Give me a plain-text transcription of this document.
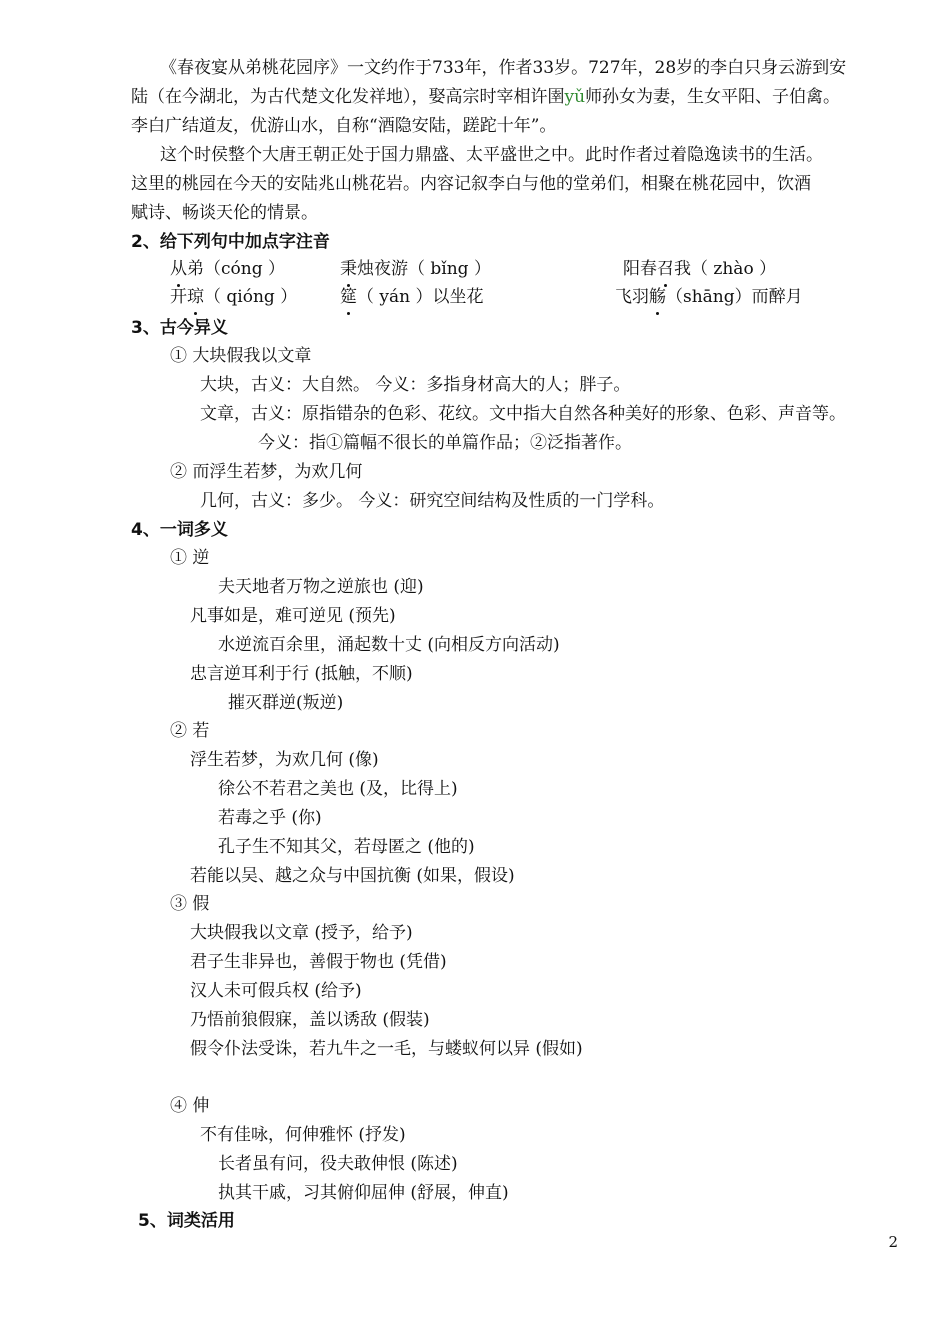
《春夜宴从弟桃花园序》一文约作于733年，作者33岁。727年，28岁的李白只身云游到安
陆（在今湖北，为古代楚文化发祥地），娶高宗时宰相许圉yǔ师孙女为妻，生女平阳、子伯禽。
李白广结道友，优游山水，自称“酒隐安陆，蹉跎十年”。
这个时侯整个大唐王朝正处于国力鼎盛、太平盛世之中。此时作者过着隐逸读书的生活。
这里的桃园在今天的安陆兆山桃花岩。内容记叙李白与他的堂弟们，相聚在桃花园中，饮酒
赋诗、畅谈天伦的情景。
2、给下列句中加点字注音
从弟（cóng ）	秉烛夜游（ bǐng ）	阳春召我（ zhào ）
开琼（ qióng ）	筵（ yán ）以坐花	飞羽觞（shāng）而醉月
3、古今异义
① 大块假我以文章
大块，古义：大自然。 今义：多指身材高大的人；胖子。
文章，古义：原指错杂的色彩、花纹。文中指大自然各种美好的形象、色彩、声音等。
今义：指①篇幅不很长的单篇作品；②泛指著作。
② 而浮生若梦，为欢几何
几何，古义：多少。 今义：研究空间结构及性质的一门学科。
4、一词多义
① 逆
夫天地者万物之逆旅也 (迎)
凡事如是，难可逆见 (预先)
水逆流百余里，涌起数十丈 (向相反方向活动)
忠言逆耳利于行 (抵触，不顺)
摧灭群逆(叛逆)
② 若
浮生若梦，为欢几何 (像)
徐公不若君之美也 (及，比得上)
若毒之乎 (你)
孔子生不知其父，若母匿之 (他的)
若能以吴、越之众与中国抗衡 (如果，假设)
③ 假
大块假我以文章 (授予，给予)
君子生非异也，善假于物也 (凭借)
汉人未可假兵权 (给予)
乃悟前狼假寐，盖以诱敌 (假装)
假令仆法受诛，若九牛之一毛，与蝼蚁何以异 (假如)
④ 伸
不有佳咏，何伸雅怀 (抒发)
长者虽有问，役夫敢伸恨 (陈述)
执其干戚，习其俯仰屈伸 (舒展，伸直)
5、词类活用
2
